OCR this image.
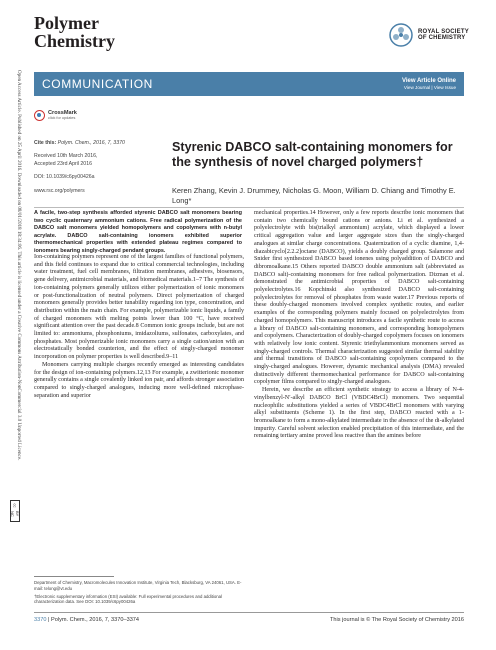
Open Access Article. Published on 25 April 2016. Downloaded on 08/01/2018 18:34:06. This article is licensed under a Creative Commons Attribution-NonCommercial 3.0 Unported Licence.
cc
BY NC
Polymer
Chemistry	ROYAL SOCIETY
OF CHEMISTRY
COMMUNICATION	View Article Online
View Journal | View Issue
CrossMark
click for updates
Cite this: Polym. Chem., 2016, 7, 3370
Received 10th March 2016,
Accepted 23rd April 2016
DOI: 10.1039/c6py00426a
www.rsc.org/polymers
Styrenic DABCO salt-containing monomers for the synthesis of novel charged polymers†
Keren Zhang, Kevin J. Drummey, Nicholas G. Moon, William D. Chiang and Timothy E. Long*
A facile, two-step synthesis afforded styrenic DABCO salt monomers bearing two cyclic quaternary ammonium cations. Free radical polymerization of the DABCO salt monomers yielded homopolymers and copolymers with n-butyl acrylate. DABCO salt-containing ionomers exhibited superior thermomechanical properties with extended plateau regimes compared to ionomers bearing singly-charged pendant groups.

Ion-containing polymers represent one of the largest families of functional polymers, and this field continues to expand due to critical commercial technologies, including water treatment, fuel cell membranes, filtration membranes, adhesives, biosensors, gene delivery, antimicrobial materials, and biomedical materials.1–7 The synthesis of ion-containing polymers generally utilizes either polymerization of ionic monomers or post-functionalization of neutral polymers. Direct polymerization of charged monomers generally provides better tunability regarding ion type, concentration, and distribution within the main chain. For example, polymerizable ionic liquids, a family of charged monomers with melting points lower than 100 °C, have received significant attention over the past decade.8 Common ionic groups include, but are not limited to: ammoniums, phosphoniums, imidazoliums, sulfonates, carboxylates, and phosphates. Most polymerizable ionic monomers carry a single cation/anion with an electrostatically bonded counterion, and the effect of singly-charged monomer incorporation on polymer properties is well described.9–11

Monomers carrying multiple charges recently emerged as interesting candidates for the design of ion-containing polymers.12,13 For example, a zwitterionic monomer generally contains a single covalently linked ion pair, and affords stronger association compared to singly-charged analogues, inducing more well-defined microphase-separation and superior

mechanical properties.14 However, only a few reports describe ionic monomers that contain two chemically bound cations or anions. Li et al. synthesized a polyelectrolyte with bis(trialkyl ammonium) acrylate, which displayed a lower critical aggregation value and larger aggregate sizes than the singly-charged analogues at similar charge concentrations. Quaternization of a cyclic diamine, 1,4-diazabicyclo[2.2.2]octane (DABCO), yields a doubly charged group. Salamone and Snider first synthesized DABCO based ionenes using polyaddition of DABCO and dibromoalkane.15 Others reported DABCO double ammonium salt (abbreviated as DABCO salt)-containing monomers for free radical polymerization. Dizman et al. demonstrated the antimicrobial properties of DABCO salt-containing polyelectrolytes.16 Kopchinski also synthesized DABCO salt-containing polyelectrolytes for removal of phosphates from waste water.17 Previous reports of these doubly-charged monomers involved complex synthetic routes, and earlier examples of the corresponding polymers mainly focused on polyelectrolytes from charged homopolymers. This manuscript introduces a facile synthetic route to access a library of DABCO salt-containing monomers, and corresponding homopolymers and copolymers. Characterization of doubly-charged copolymers focuses on ionomers with relatively low ionic content. Styrenic triethylammonium monomers served as singly-charged controls. Thermal characterization suggested similar thermal stability and thermal transitions of DABCO salt-containing copolymers compared to the singly-charged analogues. However, dynamic mechanical analysis (DMA) revealed distinctively different thermomechanical performance for DABCO salt-containing copolymer films compared to singly-charged analogues.

Herein, we describe an efficient synthetic strategy to access a library of N-4-vinylbenzyl-N′-alkyl DABCO BrCl (VBDC4BrCl) monomers. Two sequential nucleophilic substitutions yielded a series of VBDC4BrCl monomers with varying alkyl substituents (Scheme 1). In the first step, DABCO reacted with a 1-bromoalkane to form a mono-alkylated intermediate in the absence of the di-alkylated impurity. Careful solvent selection enabled precipitation of this intermediate, and the remaining tertiary amine proved less reactive than the amines before

Department of Chemistry, Macromolecules Innovation Institute, Virginia Tech, Blacksburg, VA 24061, USA. E-mail: telong@vt.edu

†Electronic supplementary information (ESI) available: Full experimental procedures and additional characterization data. See DOI: 10.1039/c6py00426a

3370 | Polym. Chem., 2016, 7, 3370–3374	This journal is © The Royal Society of Chemistry 2016
